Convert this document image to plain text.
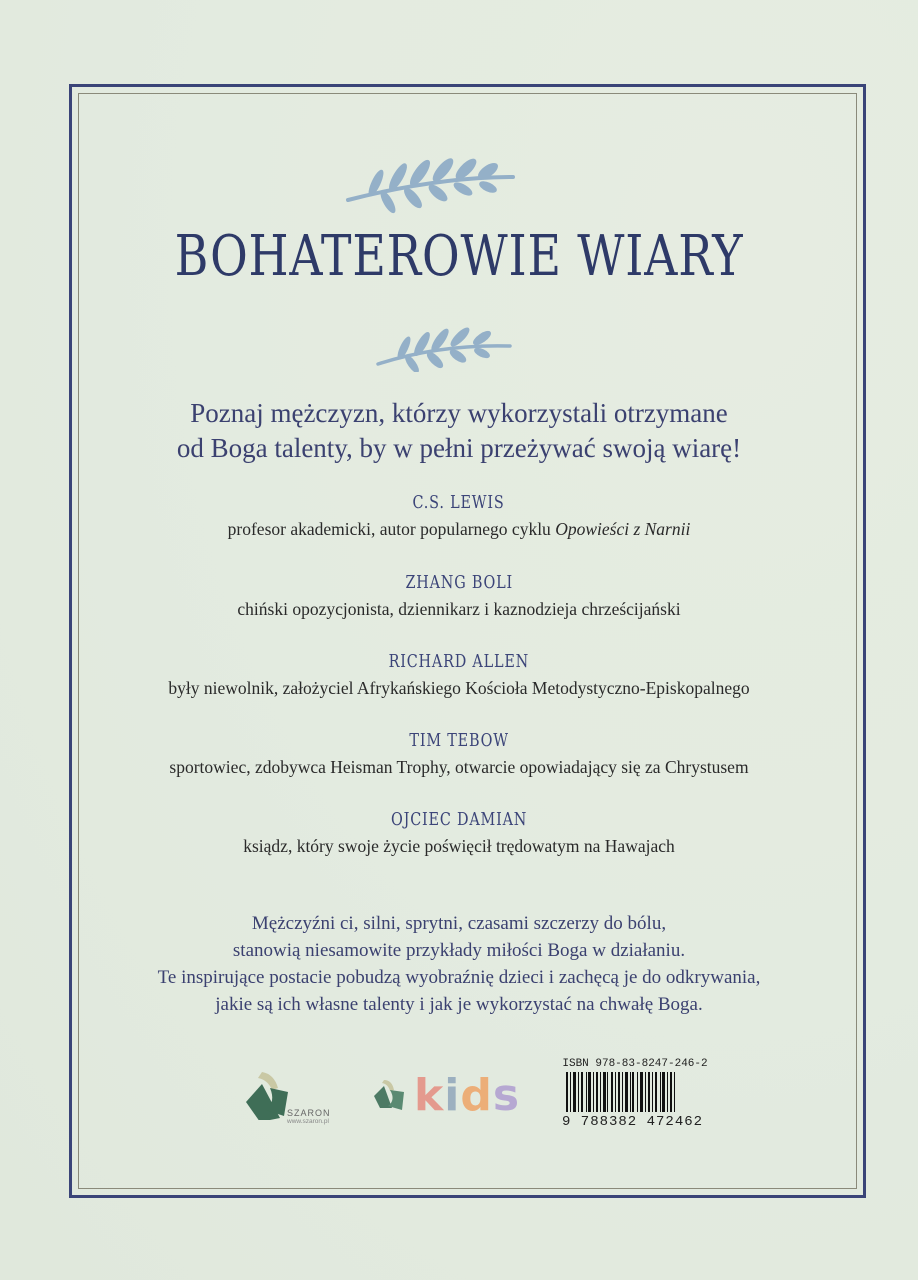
BOHATEROWIE WIARY
Poznaj mężczyzn, którzy wykorzystali otrzymane
od Boga talenty, by w pełni przeżywać swoją wiarę!
C.S. LEWIS
profesor akademicki, autor popularnego cyklu Opowieści z Narnii
ZHANG BOLI
chiński opozycjonista, dziennikarz i kaznodzieja chrześcijański
RICHARD ALLEN
były niewolnik, założyciel Afrykańskiego Kościoła Metodystyczno-Episkopalnego
TIM TEBOW
sportowiec, zdobywca Heisman Trophy, otwarcie opowiadający się za Chrystusem
OJCIEC DAMIAN
ksiądz, który swoje życie poświęcił trędowatym na Hawajach
Mężczyźni ci, silni, sprytni, czasami szczerzy do bólu,
stanowią niesamowite przykłady miłości Boga w działaniu.
Te inspirujące postacie pobudzą wyobraźnię dzieci i zachęcą je do odkrywania,
jakie są ich własne talenty i jak je wykorzystać na chwałę Boga.
SZARON
www.szaron.pl
kids
ISBN 978-83-8247-246-2
9 788382 472462
